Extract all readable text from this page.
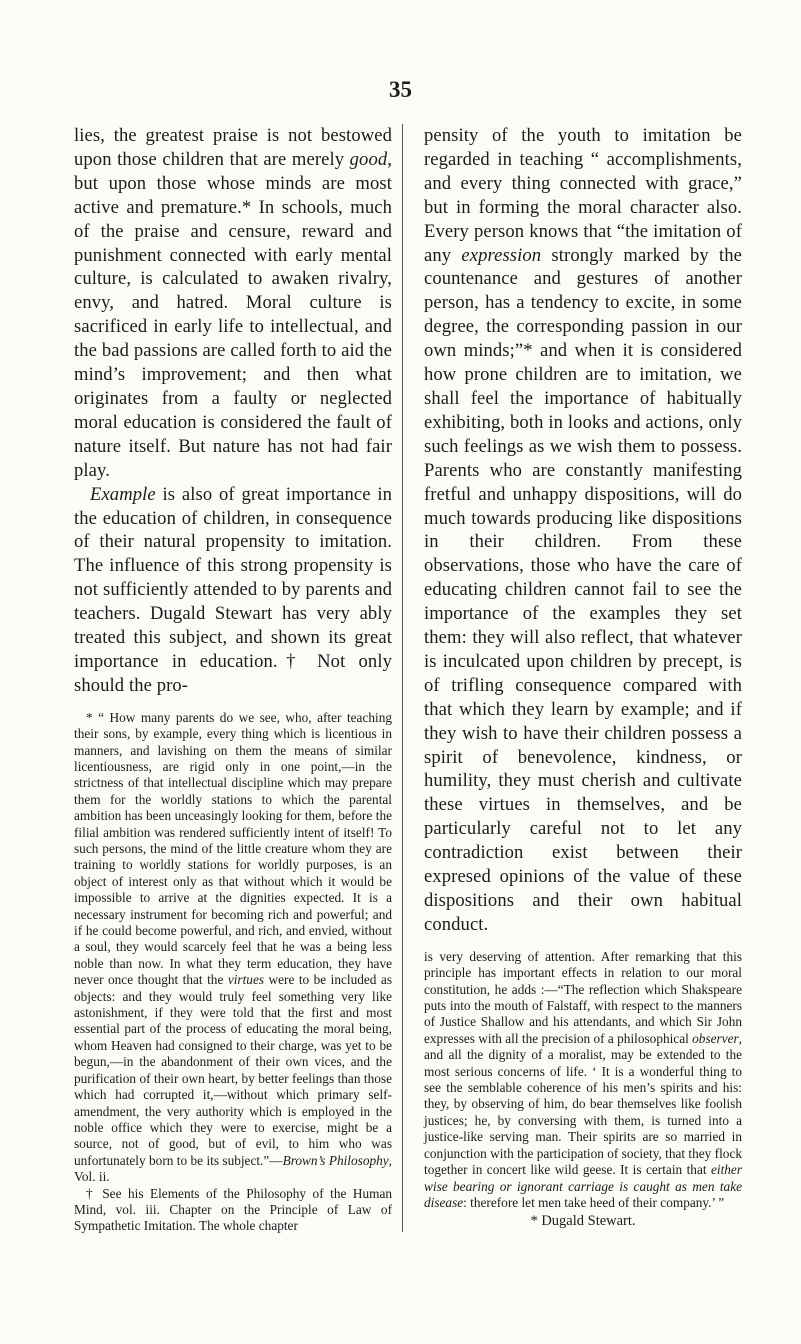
35

lies, the greatest praise is not bestowed upon those children that are merely good, but upon those whose minds are most active and premature.* In schools, much of the praise and censure, reward and punishment connected with early mental culture, is calculated to awaken rivalry, envy, and hatred. Moral culture is sacrificed in early life to intellectual, and the bad passions are called forth to aid the mind’s improvement; and then what originates from a faulty or neglected moral education is considered the fault of nature itself. But nature has not had fair play.

Example is also of great importance in the education of children, in consequence of their natural propensity to imitation. The influence of this strong propensity is not sufficiently attended to by parents and teachers. Dugald Stewart has very ably treated this subject, and shown its great importance in education.† Not only should the pro-

* “ How many parents do we see, who, after teaching their sons, by example, every thing which is licentious in manners, and lavishing on them the means of similar licentiousness, are rigid only in one point,—in the strictness of that intellectual discipline which may prepare them for the worldly stations to which the parental ambition has been unceasingly looking for them, before the filial ambition was rendered sufficiently intent of itself! To such persons, the mind of the little creature whom they are training to worldly stations for worldly purposes, is an object of interest only as that without which it would be impossible to arrive at the dignities expected. It is a necessary instrument for becoming rich and powerful; and if he could become powerful, and rich, and envied, without a soul, they would scarcely feel that he was a being less noble than now. In what they term education, they have never once thought that the virtues were to be included as objects: and they would truly feel something very like astonishment, if they were told that the first and most essential part of the process of educating the moral being, whom Heaven had consigned to their charge, was yet to be begun,—in the abandonment of their own vices, and the purification of their own heart, by better feelings than those which had corrupted it,—without which primary self-amendment, the very authority which is employed in the noble office which they were to exercise, might be a source, not of good, but of evil, to him who was unfortunately born to be its subject.”—Brown’s Philosophy, Vol. ii.

† See his Elements of the Philosophy of the Human Mind, vol. iii. Chapter on the Principle of Law of Sympathetic Imitation. The whole chapter

pensity of the youth to imitation be regarded in teaching “ accomplishments, and every thing connected with grace,” but in forming the moral character also. Every person knows that “the imitation of any expression strongly marked by the countenance and gestures of another person, has a tendency to excite, in some degree, the corresponding passion in our own minds;”* and when it is considered how prone children are to imitation, we shall feel the importance of habitually exhibiting, both in looks and actions, only such feelings as we wish them to possess. Parents who are constantly manifesting fretful and unhappy dispositions, will do much towards producing like dispositions in their children. From these observations, those who have the care of educating children cannot fail to see the importance of the examples they set them: they will also reflect, that whatever is inculcated upon children by precept, is of trifling consequence compared with that which they learn by example; and if they wish to have their children possess a spirit of benevolence, kindness, or humility, they must cherish and cultivate these virtues in themselves, and be particularly careful not to let any contradiction exist between their expresed opinions of the value of these dispositions and their own habitual conduct.

is very deserving of attention. After remarking that this principle has important effects in relation to our moral constitution, he adds :—“The reflection which Shakspeare puts into the mouth of Falstaff, with respect to the manners of Justice Shallow and his attendants, and which Sir John expresses with all the precision of a philosophical observer, and all the dignity of a moralist, may be extended to the most serious concerns of life. ‘ It is a wonderful thing to see the semblable coherence of his men’s spirits and his: they, by observing of him, do bear themselves like foolish justices; he, by conversing with them, is turned into a justice-like serving man. Their spirits are so married in conjunction with the participation of society, that they flock together in concert like wild geese. It is certain that either wise bearing or ignorant carriage is caught as men take disease: therefore let men take heed of their company.’ ”

* Dugald Stewart.
